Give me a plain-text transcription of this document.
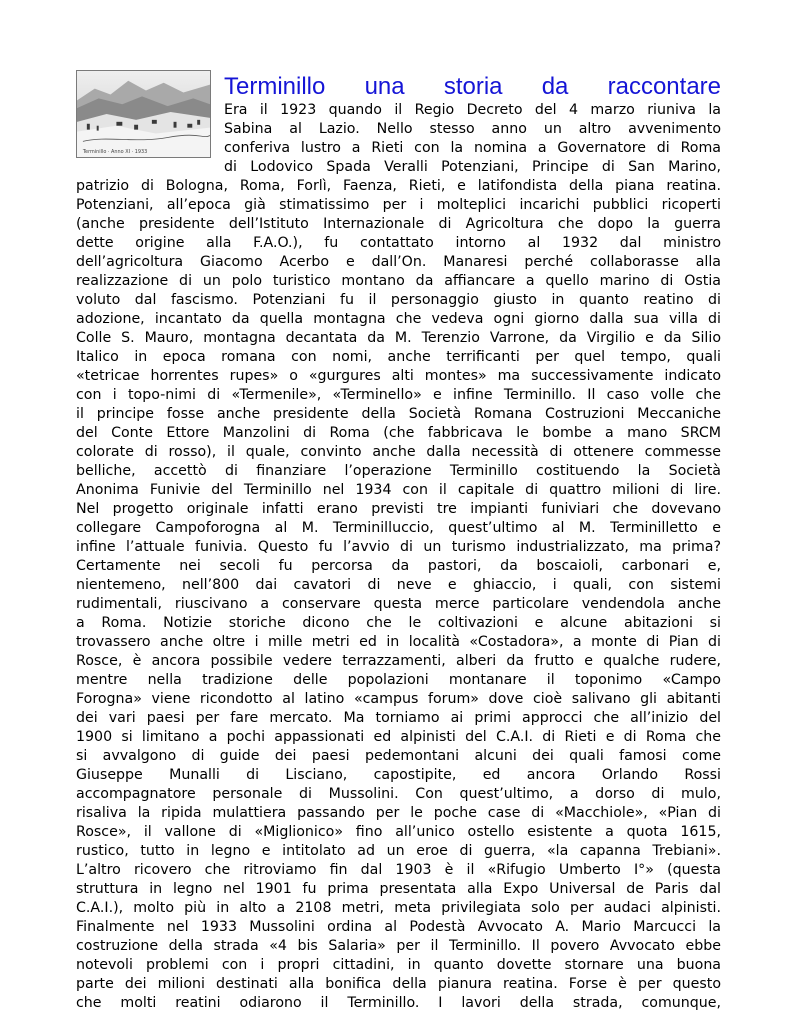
Terminillo · Anno XI · 1933
Terminillo una storia da raccontare
Era il 1923 quando il Regio Decreto del 4 marzo riuniva la
Sabina al Lazio. Nello stesso anno un altro avvenimento
conferiva lustro a Rieti con la nomina a Governatore di Roma
di Lodovico Spada Veralli Potenziani, Principe di San Marino,
patrizio di Bologna, Roma, Forlì, Faenza, Rieti, e latifondista della piana reatina.
Potenziani, all’epoca già stimatissimo per i molteplici incarichi pubblici ricoperti
(anche presidente dell’Istituto Internazionale di Agricoltura che dopo la guerra
dette origine alla F.A.O.), fu contattato intorno al 1932 dal ministro
dell’agricoltura Giacomo Acerbo e dall’On. Manaresi perché collaborasse alla
realizzazione di un polo turistico montano da affiancare a quello marino di Ostia
voluto dal fascismo. Potenziani fu il personaggio giusto in quanto reatino di
adozione, incantato da quella montagna che vedeva ogni giorno dalla sua villa di
Colle S. Mauro, montagna decantata da M. Terenzio Varrone, da Virgilio e da Silio
Italico in epoca romana con nomi, anche terrificanti per quel tempo, quali
«tetricae horrentes rupes» o «gurgures alti montes» ma successivamente indicato
con i topo-nimi di «Termenile», «Terminello» e infine Terminillo. Il caso volle che
il principe fosse anche presidente della Società Romana Costruzioni Meccaniche
del Conte Ettore Manzolini di Roma (che fabbricava le bombe a mano SRCM
colorate di rosso), il quale, convinto anche dalla necessità di ottenere commesse
belliche, accettò di finanziare l’operazione Terminillo costituendo la Società
Anonima Funivie del Terminillo nel 1934 con il capitale di quattro milioni di lire.
Nel progetto originale infatti erano previsti tre impianti funiviari che dovevano
collegare Campoforogna al M. Terminilluccio, quest’ultimo al M. Terminilletto e
infine l’attuale funivia. Questo fu l’avvio di un turismo industrializzato, ma prima?
Certamente nei secoli fu percorsa da pastori, da boscaioli, carbonari e,
nientemeno, nell’800 dai cavatori di neve e ghiaccio, i quali, con sistemi
rudimentali, riuscivano a conservare questa merce particolare vendendola anche
a Roma. Notizie storiche dicono che le coltivazioni e alcune abitazioni si
trovassero anche oltre i mille metri ed in località «Costadora», a monte di Pian di
Rosce, è ancora possibile vedere terrazzamenti, alberi da frutto e qualche rudere,
mentre nella tradizione delle popolazioni montanare il toponimo «Campo
Forogna» viene ricondotto al latino «campus forum» dove cioè salivano gli abitanti
dei vari paesi per fare mercato. Ma torniamo ai primi approcci che all’inizio del
1900 si limitano a pochi appassionati ed alpinisti del C.A.I. di Rieti e di Roma che
si avvalgono di guide dei paesi pedemontani alcuni dei quali famosi come
Giuseppe Munalli di Lisciano, capostipite, ed ancora Orlando Rossi
accompagnatore personale di Mussolini. Con quest’ultimo, a dorso di mulo,
risaliva la ripida mulattiera passando per le poche case di «Macchiole», «Pian di
Rosce», il vallone di «Miglionico» fino all’unico ostello esistente a quota 1615,
rustico, tutto in legno e intitolato ad un eroe di guerra, «la capanna Trebiani».
L’altro ricovero che ritroviamo fin dal 1903 è il «Rifugio Umberto I°» (questa
struttura in legno nel 1901 fu prima presentata alla Expo Universal de Paris dal
C.A.I.), molto più in alto a 2108 metri, meta privilegiata solo per audaci alpinisti.
Finalmente nel 1933 Mussolini ordina al Podestà Avvocato A. Mario Marcucci la
costruzione della strada «4 bis Salaria» per il Terminillo. Il povero Avvocato ebbe
notevoli problemi con i propri cittadini, in quanto dovette stornare una buona
parte dei milioni destinati alla bonifica della pianura reatina. Forse è per questo
che molti reatini odiarono il Terminillo. I lavori della strada, comunque,
